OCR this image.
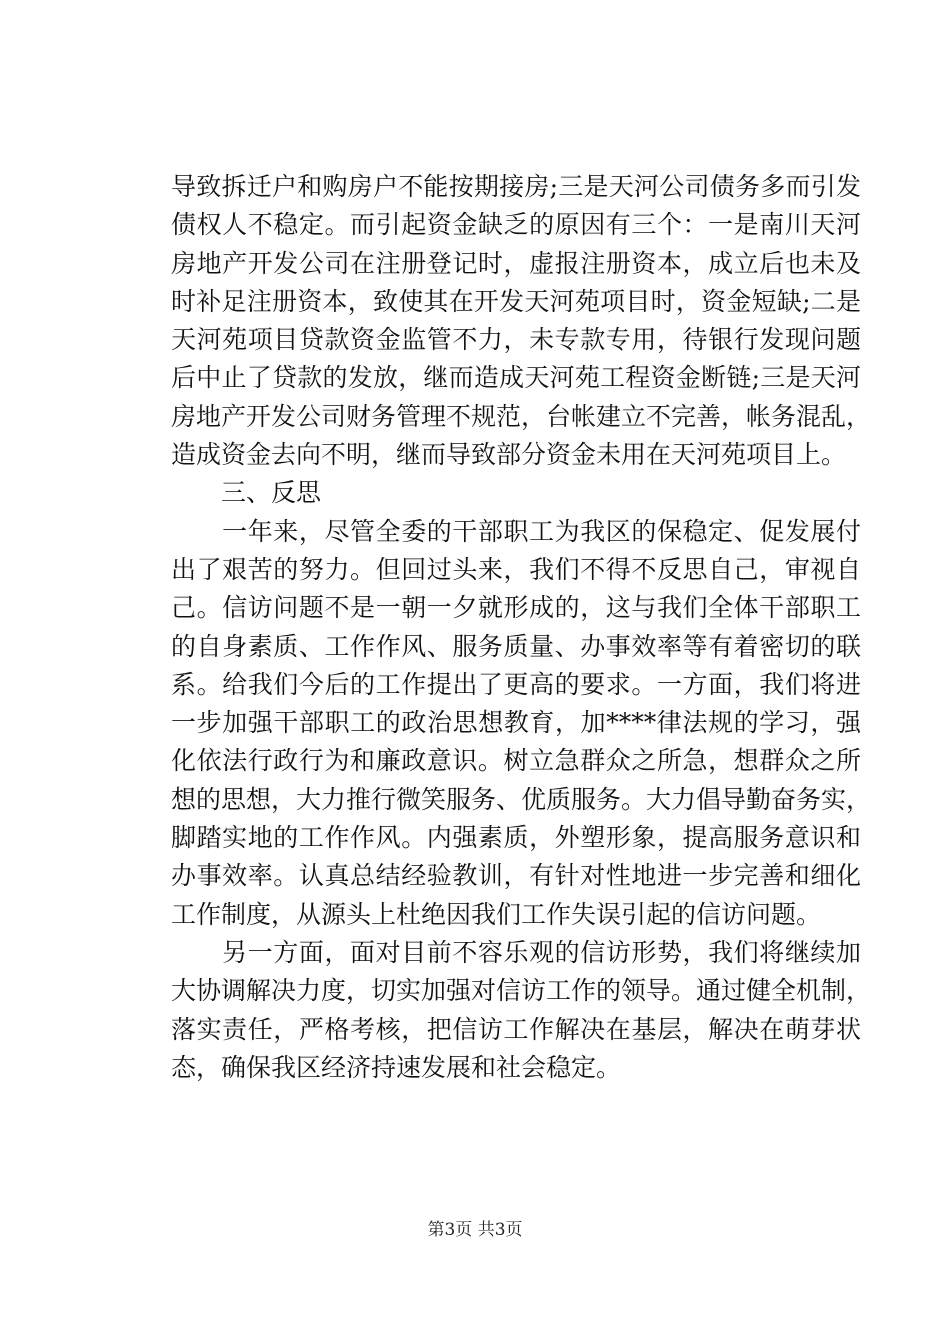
导致拆迁户和购房户不能按期接房;三是天河公司债务多而引发
债权人不稳定。而引起资金缺乏的原因有三个：一是南川天河
房地产开发公司在注册登记时，虚报注册资本，成立后也未及
时补足注册资本，致使其在开发天河苑项目时，资金短缺;二是
天河苑项目贷款资金监管不力，未专款专用，待银行发现问题
后中止了贷款的发放，继而造成天河苑工程资金断链;三是天河
房地产开发公司财务管理不规范，台帐建立不完善，帐务混乱，
造成资金去向不明，继而导致部分资金未用在天河苑项目上。
　　三、反思
　　一年来，尽管全委的干部职工为我区的保稳定、促发展付
出了艰苦的努力。但回过头来，我们不得不反思自己，审视自
己。信访问题不是一朝一夕就形成的，这与我们全体干部职工
的自身素质、工作作风、服务质量、办事效率等有着密切的联
系。给我们今后的工作提出了更高的要求。一方面，我们将进
一步加强干部职工的政治思想教育，加****律法规的学习，强
化依法行政行为和廉政意识。树立急群众之所急，想群众之所
想的思想，大力推行微笑服务、优质服务。大力倡导勤奋务实，
脚踏实地的工作作风。内强素质，外塑形象，提高服务意识和
办事效率。认真总结经验教训，有针对性地进一步完善和细化
工作制度，从源头上杜绝因我们工作失误引起的信访问题。
　　另一方面，面对目前不容乐观的信访形势，我们将继续加
大协调解决力度，切实加强对信访工作的领导。通过健全机制，
落实责任，严格考核，把信访工作解决在基层，解决在萌芽状
态，确保我区经济持速发展和社会稳定。
第3页 共3页
